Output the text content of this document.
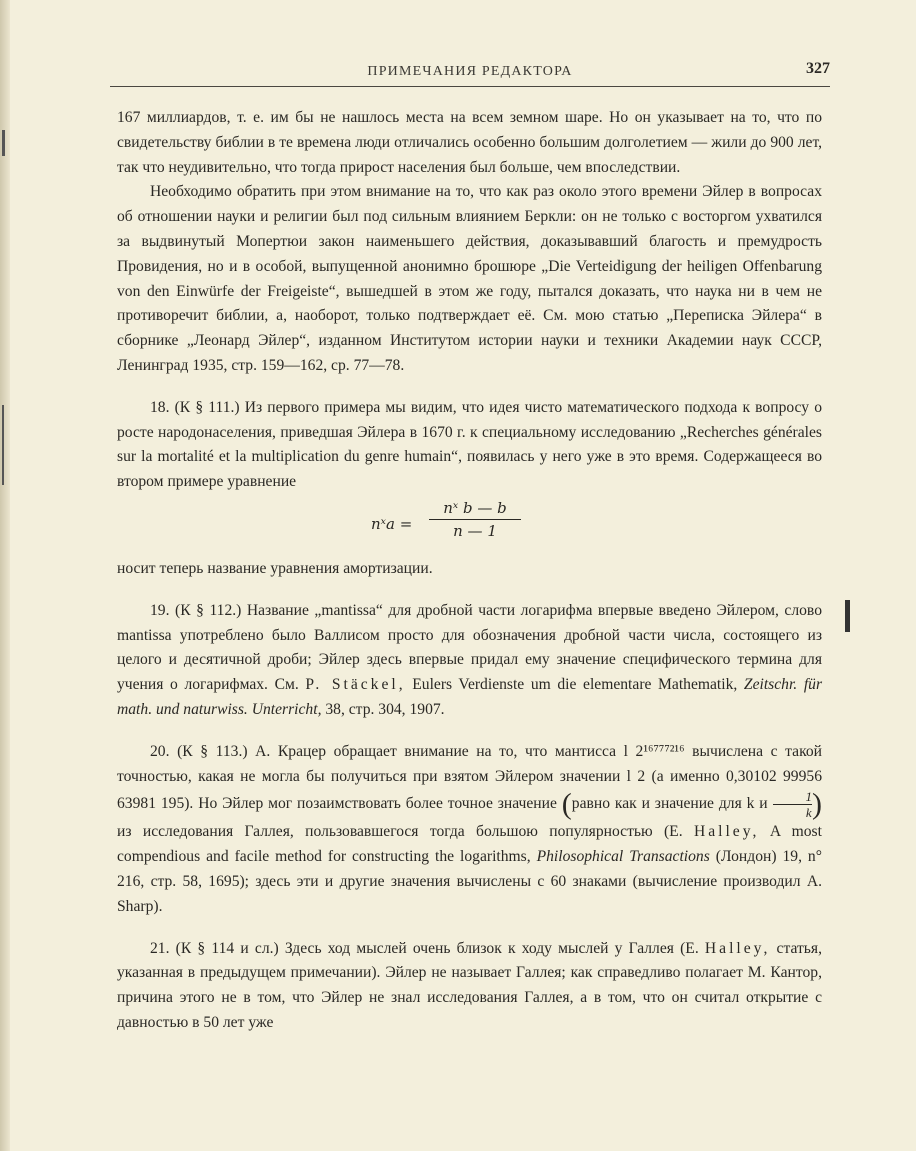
ПРИМЕЧАНИЯ РЕДАКТОРА	327

167 миллиардов, т. е. им бы не нашлось места на всем земном шаре. Но он указывает на то, что по свидетельству библии в те времена люди отличались особенно большим долголетием — жили до 900 лет, так что неудивительно, что тогда прирост населения был больше, чем впоследствии.

Необходимо обратить при этом внимание на то, что как раз около этого времени Эйлер в вопросах об отношении науки и религии был под сильным влиянием Беркли: он не только с восторгом ухватился за выдвинутый Мопертюи закон наименьшего действия, доказывавший благость и премудрость Провидения, но и в особой, выпущенной анонимно брошюре „Die Verteidigung der heiligen Offenbarung von den Einwürfe der Freigeiste“, вышедшей в этом же году, пытался доказать, что наука ни в чем не противоречит библии, а, наоборот, только подтверждает её. См. мою статью „Переписка Эйлера“ в сборнике „Леонард Эйлер“, изданном Институтом истории науки и техники Академии наук СССР, Ленинград 1935, стр. 159—162, ср. 77—78.

18. (К § 111.) Из первого примера мы видим, что идея чисто математического подхода к вопросу о росте народонаселения, приведшая Эйлера в 1670 г. к специальному исследованию „Recherches générales sur la mortalité et la multiplication du genre humain“, появилась у него уже в это время. Содержащееся во втором примере уравнение

nˣa = $\frac{\text{nˣ b — b}}{n — 1}$

носит теперь название уравнения амортизации.

19. (К § 112.) Название „mantissa“ для дробной части логарифма впервые введено Эйлером, слово mantissa употреблено было Валлисом просто для обозначения дробной части числа, состоящего из целого и десятичной дроби; Эйлер здесь впервые придал ему значение специфического термина для учения о логарифмах. См. P. Stäckel, Eulers Verdienste um die elementare Mathematik, Zeitschr. für math. und naturwiss. Unterricht, 38, стр. 304, 1907.

20. (К § 113.) А. Крацер обращает внимание на то, что мантисса l 2¹⁶⁷⁷⁷²¹⁶ вычислена с такой точностью, какая не могла бы получиться при взятом Эйлером значении l 2 (а именно 0,30102 99956 63981 195). Но Эйлер мог позаимствовать более точное значение (равно как и значение для k и $\frac{1}{k}$ ) из исследования Галлея, пользовавшегося тогда большою популярностью (E. Halley, A most compendious and facile method for constructing the logarithms, Philosophical Transactions (Лондон) 19, n° 216, стр. 58, 1695); здесь эти и другие значения вычислены с 60 знаками (вычисление производил A. Sharp).

21. (К § 114 и сл.) Здесь ход мыслей очень близок к ходу мыслей у Галлея (E. Halley, статья, указанная в предыдущем примечании). Эйлер не называет Галлея; как справедливо полагает М. Кантор, причина этого не в том, что Эйлер не знал исследования Галлея, а в том, что он считал открытие с давностью в 50 лет уже
